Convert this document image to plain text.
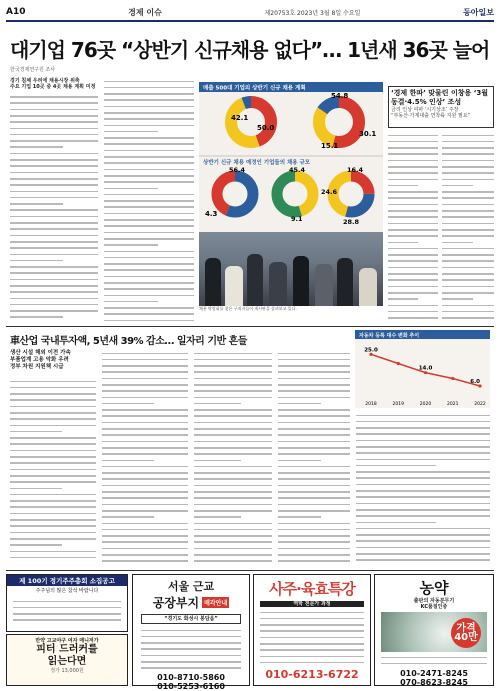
A10	경제 이슈	제20753호 2023년 3월 8일 수요일	동아일보
대기업 76곳 “상반기 신규채용 없다”… 1년새 36곳 늘어
한국경제연구원 조사
경기 침체 우려에 채용시장 위축
주요 기업 10곳 중 4곳 채용 계획 미정	매출 500대 기업의 상반기 신규 채용 계획
42.1
50.0
54.8
15.1
30.1
상반기 신규 채용 예정인 기업들의 채용 규모
56.4
4.3
45.4
9.1
24.6
16.4
28.8
채용 박람회를 찾은 구직자들이 게시판을 살펴보고 있다.
‘경제 한파’ 맞물린 이창용 ‘3월 동결·4.5% 인상’ 조성
금리 인상 여파 ‘시기상조’ 주장
“부동산·가계대출 연착륙 지원 필요”
車산업 국내투자액, 5년새 39% 감소… 일자리 기반 흔들
생산 시설 해외 이전 가속
부품업계 고용 악화 우려
정부 차원 지원책 시급
자동차 등록 대수 변화 추이
2018	2019	2020	2021	2022
25.0
14.0
6.0
제 100기 정기주주총회 소집공고
주주님의 많은 참석 바랍니다
만약 고교야구 여자 매니저가
피터 드러커를
읽는다면
정가 13,000원
서울 근교
공장부지 매각안내
“경기도 화성시 봉담읍”
010-8710-5860
010-5253-6160
사주·육효특강
역학 전문가 과정
010-6213-6722
농약
출판의 자동분무기
KC품질인증
가격 40만
010-2471-8245
070-8623-8245
